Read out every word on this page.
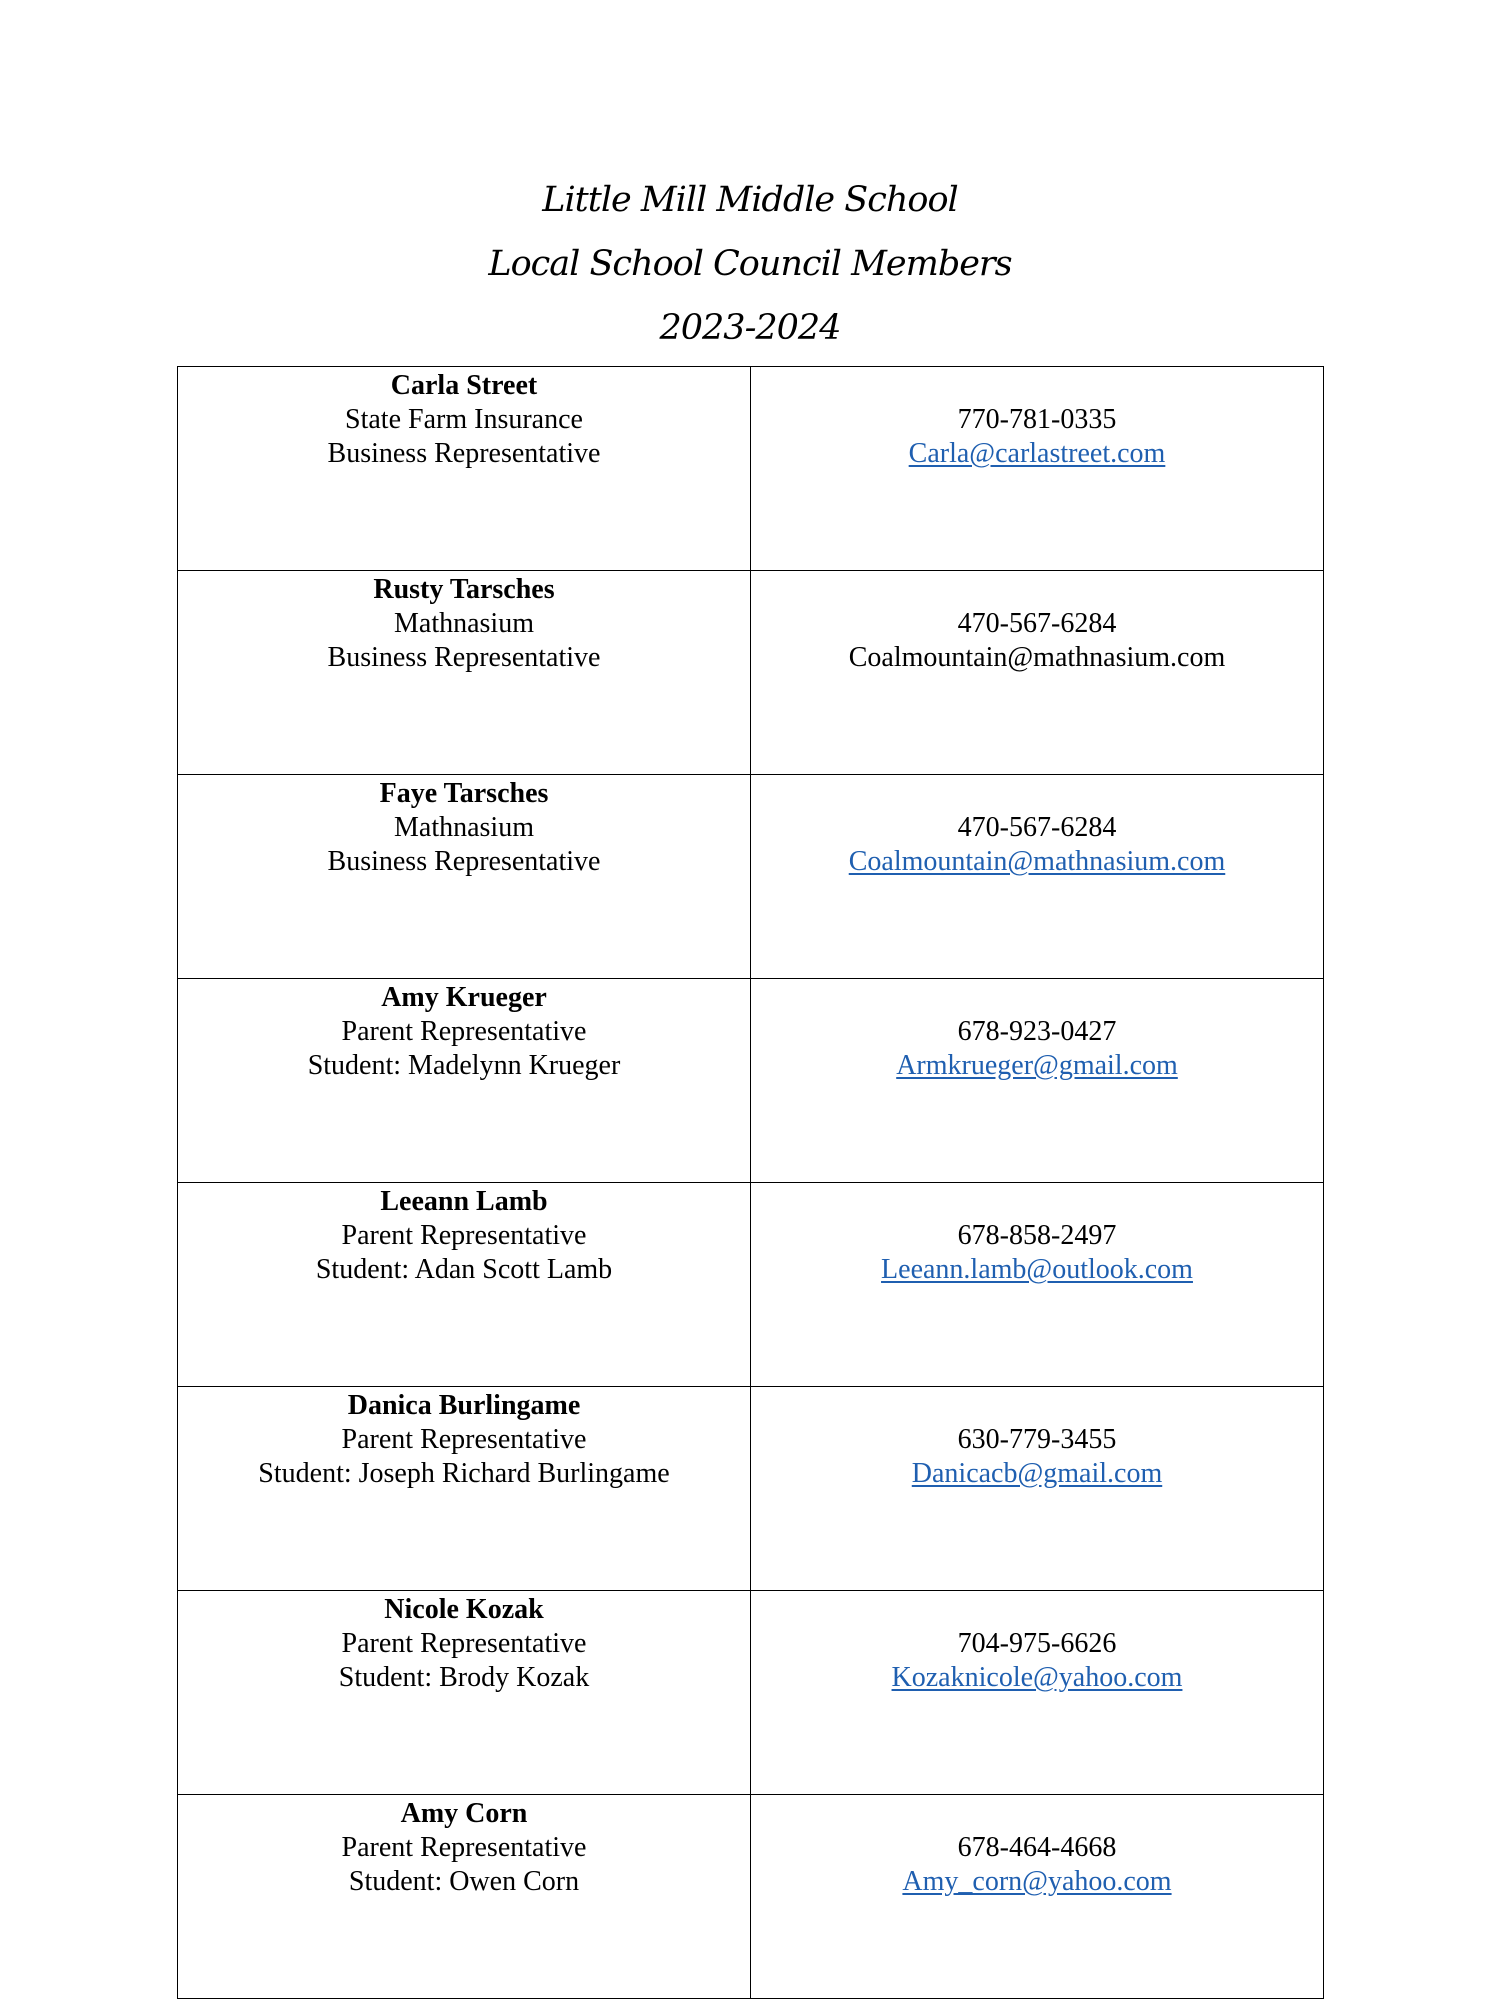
Little Mill Middle School
Local School Council Members
2023-2024
Carla Street
State Farm Insurance
Business Representative	770-781-0335
Carla@carlastreet.com

Rusty Tarsches
Mathnasium
Business Representative	470-567-6284
Coalmountain@mathnasium.com

Faye Tarsches
Mathnasium
Business Representative	470-567-6284
Coalmountain@mathnasium.com

Amy Krueger
Parent Representative
Student: Madelynn Krueger	678-923-0427
Armkrueger@gmail.com

Leeann Lamb
Parent Representative
Student: Adan Scott Lamb	678-858-2497
Leeann.lamb@outlook.com

Danica Burlingame
Parent Representative
Student: Joseph Richard Burlingame	630-779-3455
Danicacb@gmail.com

Nicole Kozak
Parent Representative
Student: Brody Kozak	704-975-6626
Kozaknicole@yahoo.com

Amy Corn
Parent Representative
Student: Owen Corn	678-464-4668
Amy_corn@yahoo.com
